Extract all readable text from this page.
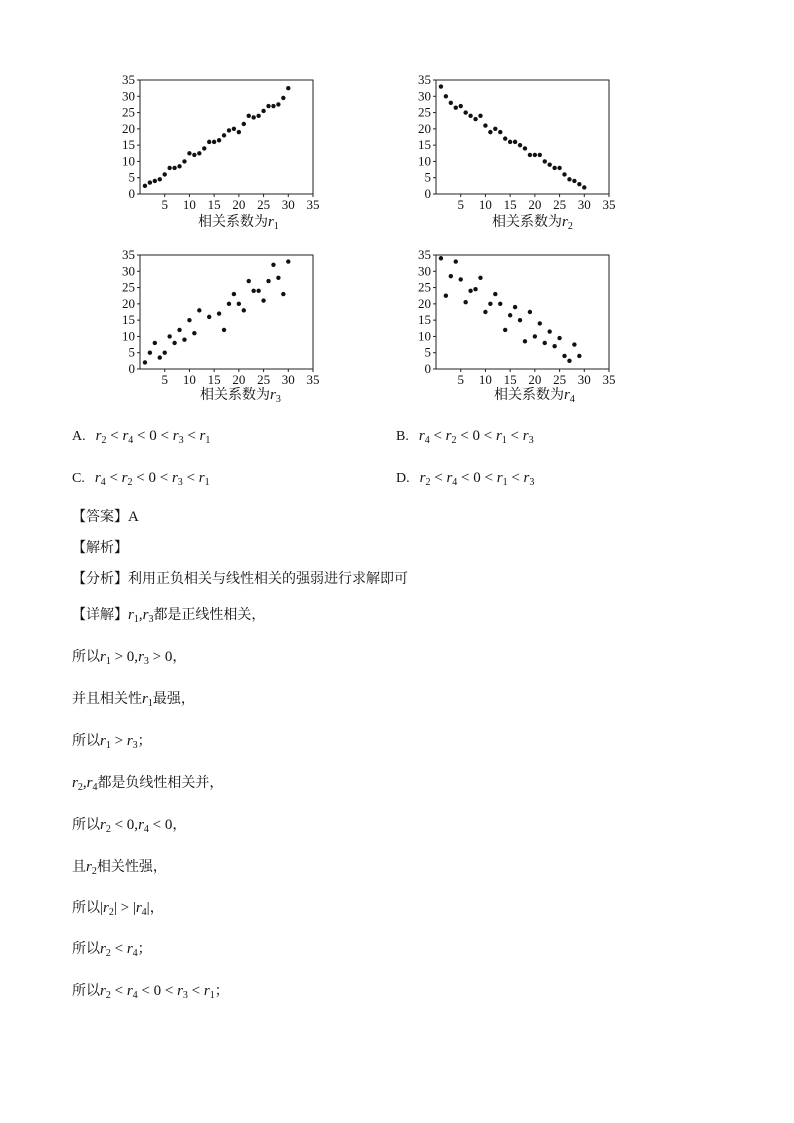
0
5
10
15
20
25
30
35
5 10 15 20 25 30 35
0
5
10
15
20
25
30
35
5 10 15 20 25 30 35
0
5
10
15
20
25
30
35
5 10 15 20 25 30 35
0
5
10
15
20
25
30
35
5 10 15 20 25 30 35
相关系数为$r_1$	相关系数为$r_2$
相关系数为$r_3$	相关系数为$r_4$
A. $r_2 < r_4 < 0 < r_3 < r_1$	B. $r_4 < r_2 < 0 < r_1 < r_3$
C. $r_4 < r_2 < 0 < r_3 < r_1$	D. $r_2 < r_4 < 0 < r_1 < r_3$
【答案】A
【解析】
【分析】利用正负相关与线性相关的强弱进行求解即可
【详解】$r_1,r_3$都是正线性相关，
所以$r_1 > 0,r_3 > 0$，
并且相关性$r_1$最强，
所以$r_1 > r_3$；
$r_2,r_4$都是负线性相关并，
所以$r_2 < 0,r_4 < 0$，
且$r_2$相关性强，
所以$|r_2| > |r_4|$，
所以$r_2 < r_4$；
所以$r_2 < r_4 < 0 < r_3 < r_1$；
